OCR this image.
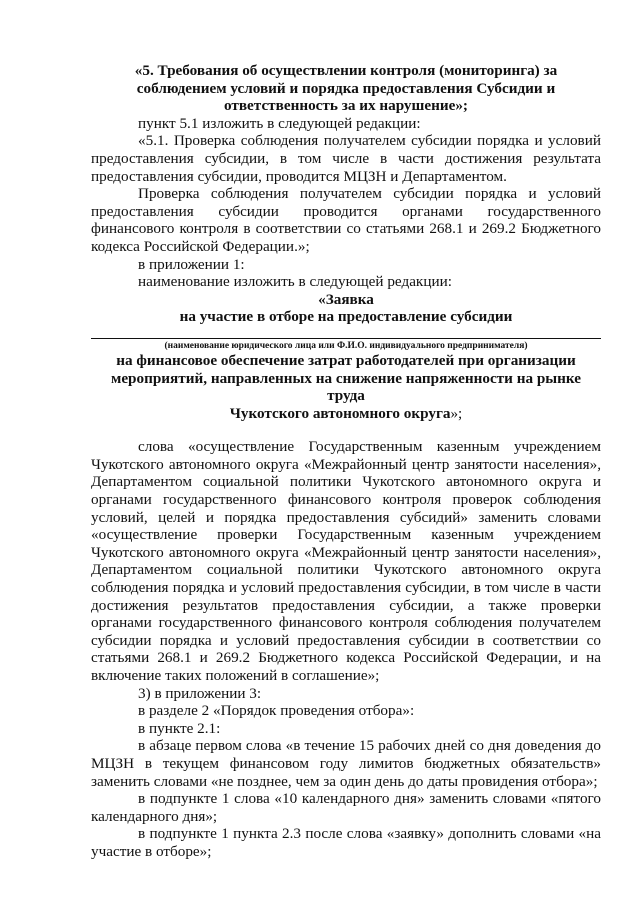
«5. Требования об осуществлении контроля (мониторинга) за

соблюдением условий и порядка предоставления Субсидии и

ответственность за их нарушение»;

пункт 5.1 изложить в следующей редакции:

«5.1. Проверка соблюдения получателем субсидии порядка и условий предоставления субсидии, в том числе в части достижения результата предоставления субсидии, проводится МЦЗН и Департаментом.

Проверка соблюдения получателем субсидии порядка и условий предоставления субсидии проводится органами государственного финансового контроля в соответствии со статьями 268.1 и 269.2 Бюджетного кодекса Российской Федерации.»;

в приложении 1:

наименование изложить в следующей редакции:

«Заявка

на участие в отборе на предоставление субсидии

(наименование юридического лица или Ф.И.О. индивидуального предпринимателя)

на финансовое обеспечение затрат работодателей при организации

мероприятий, направленных на снижение напряженности на рынке труда

Чукотского автономного округа»;

слова «осуществление Государственным казенным учреждением Чукотского автономного округа «Межрайонный центр занятости населения», Департаментом социальной политики Чукотского автономного округа и органами государственного финансового контроля проверок соблюдения условий, целей и порядка предоставления субсидий» заменить словами «осуществление проверки Государственным казенным учреждением Чукотского автономного округа «Межрайонный центр занятости населения», Департаментом социальной политики Чукотского автономного округа соблюдения порядка и условий предоставления субсидии, в том числе в части достижения результатов предоставления субсидии, а также проверки органами государственного финансового контроля соблюдения получателем субсидии порядка и условий предоставления субсидии в соответствии со статьями 268.1 и 269.2 Бюджетного кодекса Российской Федерации, и на включение таких положений в соглашение»;

3) в приложении 3:

в разделе 2 «Порядок проведения отбора»:

в пункте 2.1:

в абзаце первом слова «в течение 15 рабочих дней со дня доведения до МЦЗН в текущем финансовом году лимитов бюджетных обязательств» заменить словами «не позднее, чем за один день до даты провидения отбора»;

в подпункте 1 слова «10 календарного дня» заменить словами «пятого календарного дня»;

в подпункте 1 пункта 2.3 после слова «заявку» дополнить словами «на участие в отборе»;
